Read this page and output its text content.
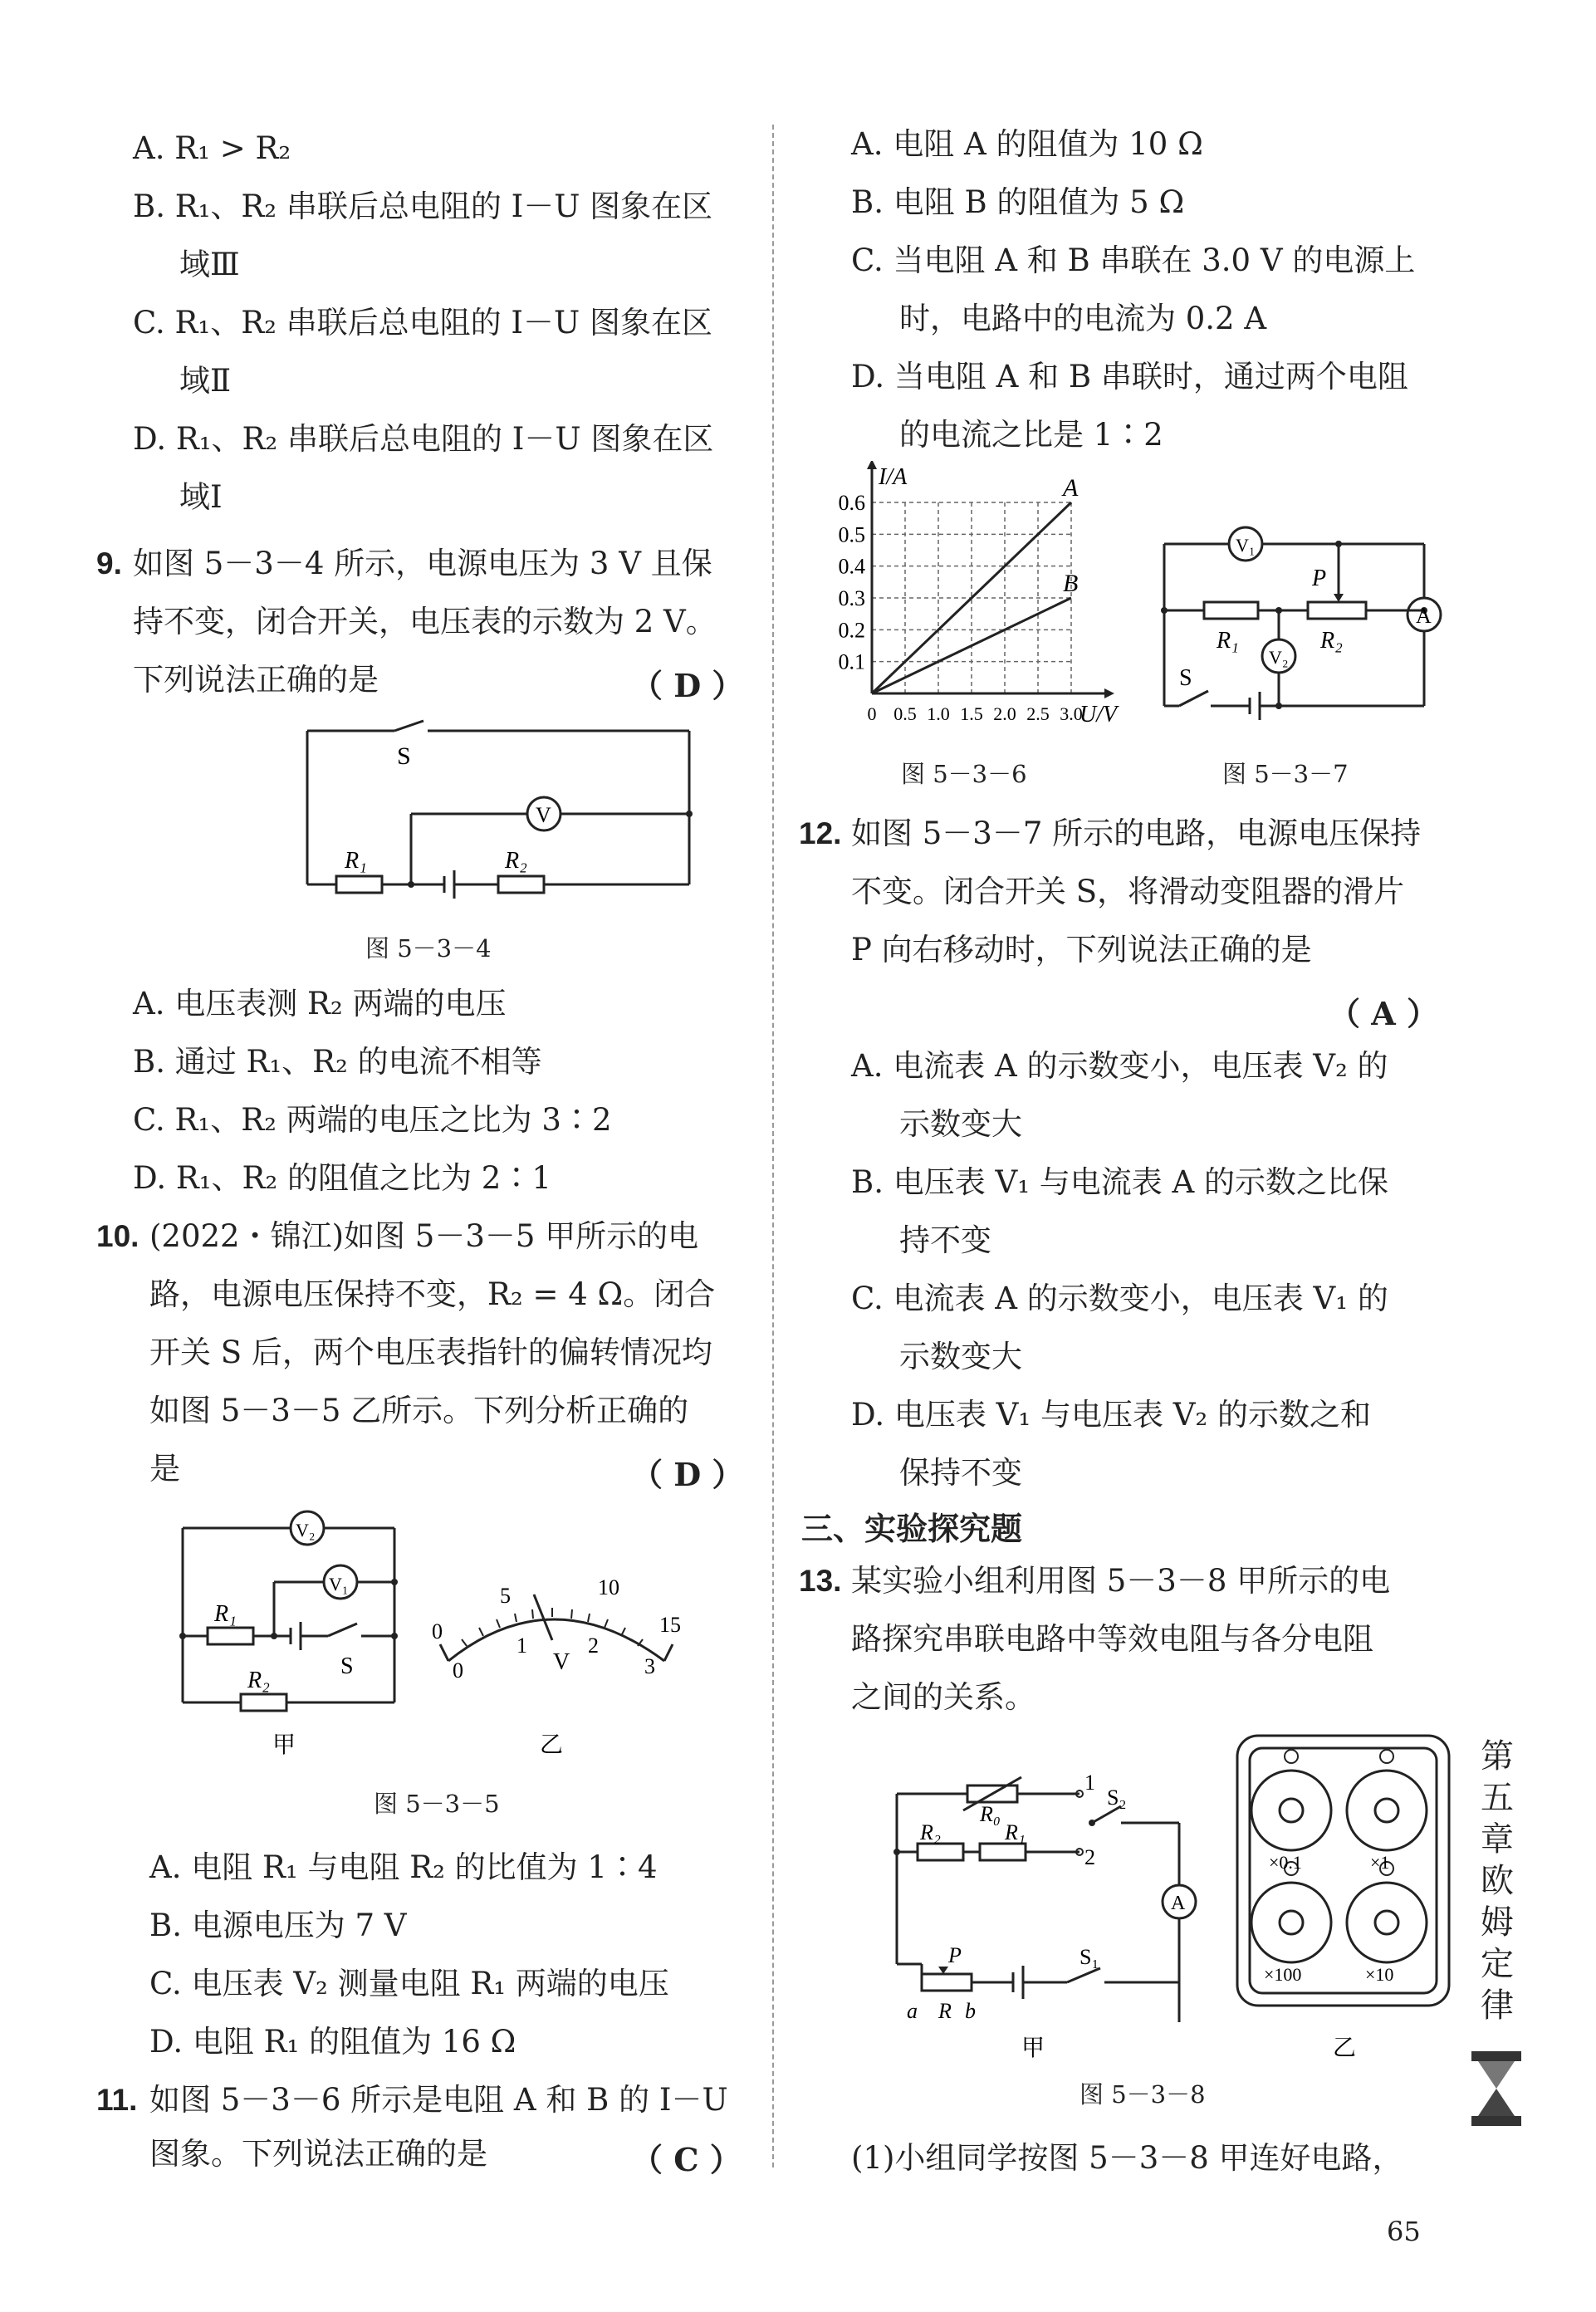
A. R₁ > R₂
B. R₁、R₂ 串联后总电阻的 I－U 图象在区
域Ⅲ
C. R₁、R₂ 串联后总电阻的 I－U 图象在区
域Ⅱ
D. R₁、R₂ 串联后总电阻的 I－U 图象在区
域Ⅰ
9. 如图 5－3－4 所示，电源电压为 3 V 且保
持不变，闭合开关，电压表的示数为 2 V。
下列说法正确的是	（ D ）
S
V
R₁	R₂
图 5－3－4
A. 电压表测 R₂ 两端的电压
B. 通过 R₁、R₂ 的电流不相等
C. R₁、R₂ 两端的电压之比为 3∶2
D. R₁、R₂ 的阻值之比为 2∶1
10. (2022・锦江)如图 5－3－5 甲所示的电
路，电源电压保持不变，R₂ = 4 Ω。闭合
开关 S 后，两个电压表指针的偏转情况均
如图 5－3－5 乙所示。下列分析正确的
是	（ D ）
V₂
V₁
R₁
R₂
S
甲
0
5	10
15
0
1	2
3
V
乙
图 5－3－5
A. 电阻 R₁ 与电阻 R₂ 的比值为 1∶4
B. 电源电压为 7 V
C. 电压表 V₂ 测量电阻 R₁ 两端的电压
D. 电阻 R₁ 的阻值为 16 Ω
11. 如图 5－3－6 所示是电阻 A 和 B 的 I－U
图象。下列说法正确的是	（ C ）
A. 电阻 A 的阻值为 10 Ω
B. 电阻 B 的阻值为 5 Ω
C. 当电阻 A 和 B 串联在 3.0 V 的电源上
时，电路中的电流为 0.2 A
D. 当电阻 A 和 B 串联时，通过两个电阻
的电流之比是 1∶2
0.1
0.2
0.3
0.4
0.5
0.6
0 0.5 1.0 1.5 2.0 2.5 3.0
A
B
I/A
U/V
图 5－3－6
V₁
V₂
A
P
R₁	R₂
S
图 5－3－7
12. 如图 5－3－7 所示的电路，电源电压保持
不变。闭合开关 S，将滑动变阻器的滑片
P 向右移动时，下列说法正确的是
（ A ）
A. 电流表 A 的示数变小，电压表 V₂ 的
示数变大
B. 电压表 V₁ 与电流表 A 的示数之比保
持不变
C. 电流表 A 的示数变小，电压表 V₁ 的
示数变大
D. 电压表 V₁ 与电压表 V₂ 的示数之和
保持不变
三、实验探究题
13. 某实验小组利用图 5－3－8 甲所示的电
路探究串联电路中等效电阻与各分电阻
之间的关系。
R₀
R₂	R₁
1
2
S₂
A
P	S₁
a R b
甲
×0.1	×1
×100	×10
乙
图 5－3－8
(1)小组同学按图 5－3－8 甲连好电路，
第五章　欧姆定律
65
